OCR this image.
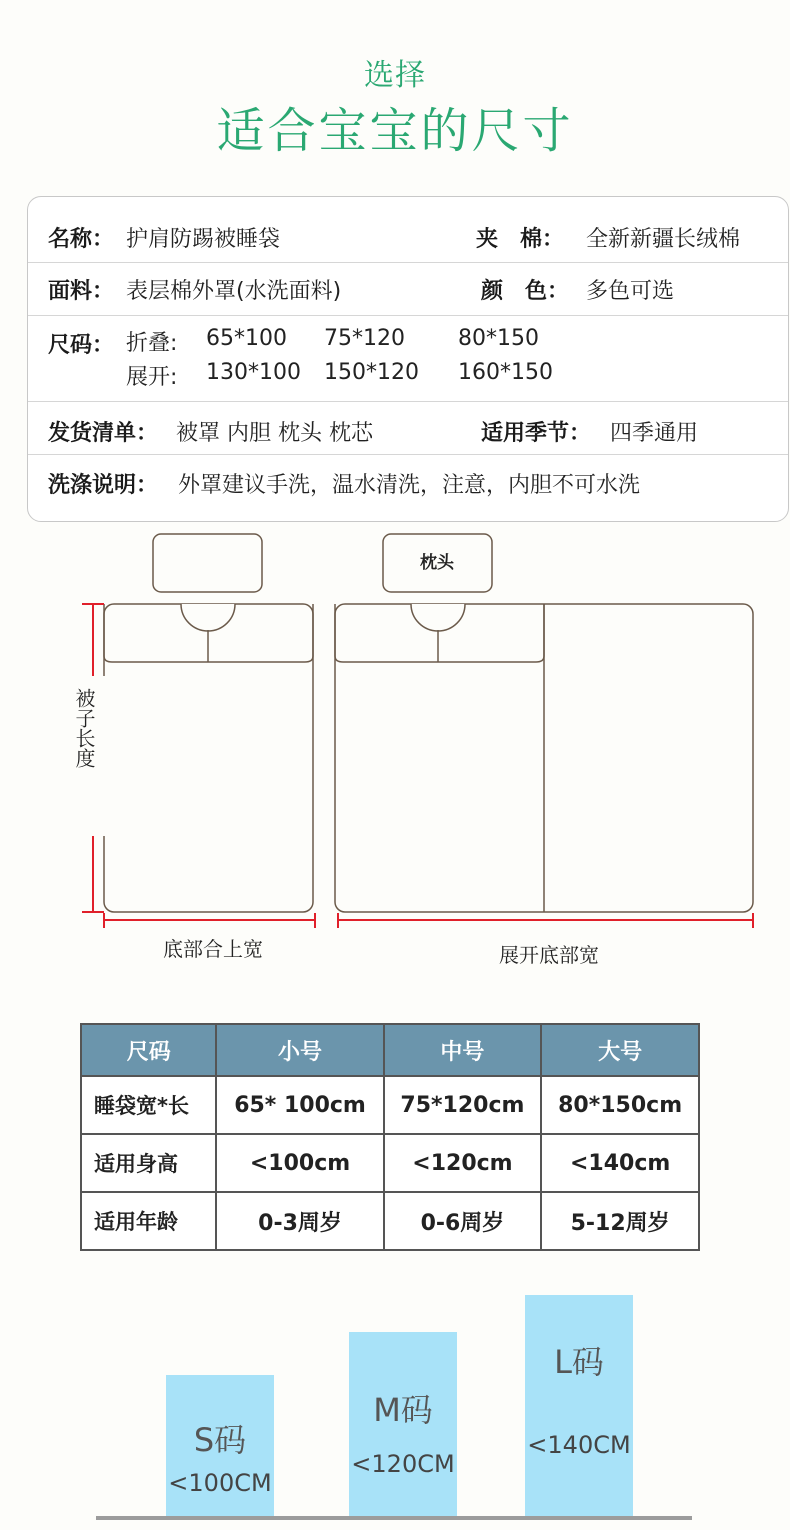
选择
适合宝宝的尺寸
名称： 护肩防踢被睡袋	夹　棉： 全新新疆长绒棉
面料： 表层棉外罩(水洗面料)	颜　色： 多色可选
尺码： 折叠: 65*100 75*120 80*150
展开: 130*100 150*120 160*150
发货清单： 被罩 内胆 枕头 枕芯	适用季节： 四季通用
洗涤说明： 外罩建议手洗，温水清洗，注意，内胆不可水洗
枕头
被子长度
底部合上宽	展开底部宽
尺码	小号	中号	大号
睡袋宽*长	65* 100cm	75*120cm	80*150cm
适用身高	<100cm	<120cm	<140cm
适用年龄	0-3周岁	0-6周岁	5-12周岁
S码
<100CM
M码
<120CM
L码
<140CM
